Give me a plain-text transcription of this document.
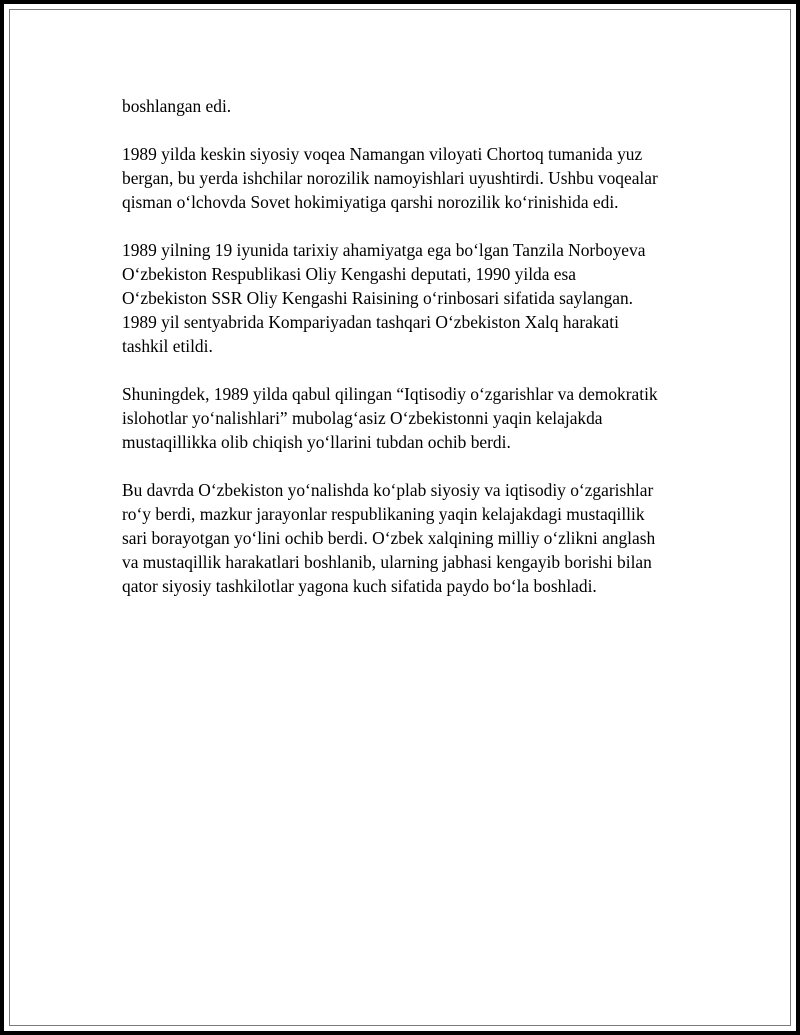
boshlangan edi.

1989 yilda keskin siyosiy voqea Namangan viloyati Chortoq tumanida yuz
bergan, bu yerda ishchilar norozilik namoyishlari uyushtirdi. Ushbu voqealar
qisman o‘lchovda Sovet hokimiyatiga qarshi norozilik ko‘rinishida edi.

1989 yilning 19 iyunida tarixiy ahamiyatga ega bo‘lgan Tanzila Norboyeva
O‘zbekiston Respublikasi Oliy Kengashi deputati, 1990 yilda esa
O‘zbekiston SSR Oliy Kengashi Raisining o‘rinbosari sifatida saylangan.
1989 yil sentyabrida Kompariyadan tashqari O‘zbekiston Xalq harakati
tashkil etildi.

Shuningdek, 1989 yilda qabul qilingan “Iqtisodiy o‘zgarishlar va demokratik
islohotlar yo‘nalishlari” mubolag‘asiz O‘zbekistonni yaqin kelajakda
mustaqillikka olib chiqish yo‘llarini tubdan ochib berdi.

Bu davrda O‘zbekiston yo‘nalishda ko‘plab siyosiy va iqtisodiy o‘zgarishlar
ro‘y berdi, mazkur jarayonlar respublikaning yaqin kelajakdagi mustaqillik
sari borayotgan yo‘lini ochib berdi. O‘zbek xalqining milliy o‘zlikni anglash
va mustaqillik harakatlari boshlanib, ularning jabhasi kengayib borishi bilan
qator siyosiy tashkilotlar yagona kuch sifatida paydo bo‘la boshladi.
